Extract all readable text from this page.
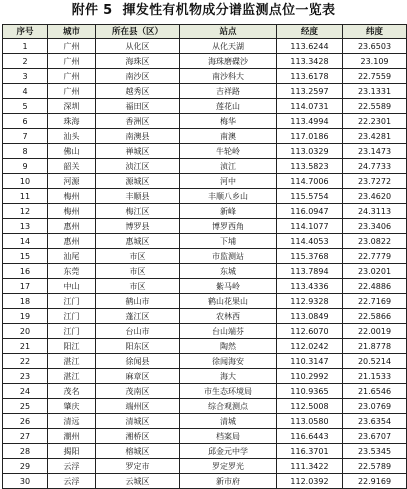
附件 5 揮发性有机物成分谱监测点位一览表
序号	城市	所在县（区）	站点	经度	纬度
1	广州	从化区	从化天湖	113.6244	23.6503
2	广州	海珠区	海珠磨碟沙	113.3428	23.109
3	广州	南沙区	南沙科大	113.6178	22.7559
4	广州	越秀区	吉祥路	113.2597	23.1331
5	深圳	福田区	莲花山	114.0731	22.5589
6	珠海	香洲区	梅华	113.4994	22.2301
7	汕头	南澳县	南澳	117.0186	23.4281
8	佛山	禅城区	牛轮岭	113.0329	23.1473
9	韶关	浈江区	浈江	113.5823	24.7733
10	河源	源城区	河中	114.7006	23.7272
11	梅州	丰顺县	丰顺八乡山	115.5754	23.4620
12	梅州	梅江区	新峰	116.0947	24.3113
13	惠州	博罗县	博罗西角	114.1077	23.3406
14	惠州	惠城区	下埔	114.4053	23.0822
15	汕尾	市区	市监测站	115.3768	22.7779
16	东莞	市区	东城	113.7894	23.0201
17	中山	市区	紫马岭	113.4336	22.4886
18	江门	鹤山市	鹤山花果山	112.9328	22.7169
19	江门	蓬江区	农林西	113.0849	22.5866
20	江门	台山市	台山端芬	112.6070	22.0019
21	阳江	阳东区	陶然	112.0242	21.8778
22	湛江	徐闻县	徐闻海安	110.3147	20.5214
23	湛江	麻章区	海大	110.2992	21.1533
24	茂名	茂南区	市生态环境局	110.9365	21.6546
25	肇庆	端州区	综合观测点	112.5008	23.0769
26	清远	清城区	清城	113.0580	23.6354
27	潮州	湘桥区	档案局	116.6443	23.6707
28	揭阳	榕城区	邱金元中学	116.3701	23.5345
29	云浮	罗定市	罗定罗光	111.3422	22.5789
30	云浮	云城区	新市府	112.0392	22.9169
